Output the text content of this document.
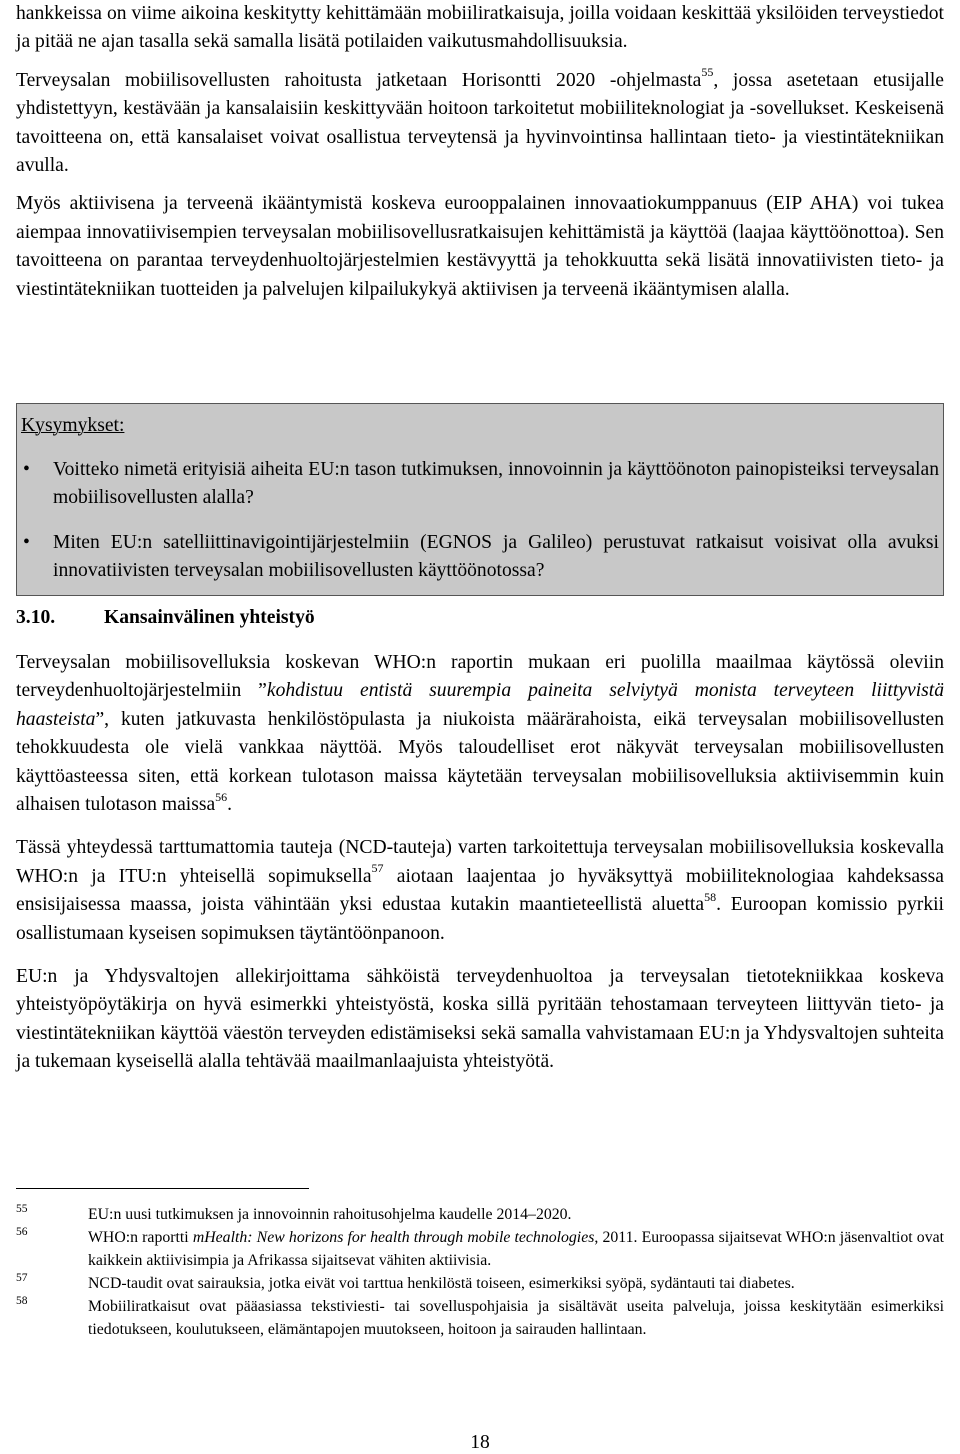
hankkeissa on viime aikoina keskitytty kehittämään mobiiliratkaisuja, joilla voidaan keskittää yksilöiden terveystiedot ja pitää ne ajan tasalla sekä samalla lisätä potilaiden vaikutusmahdollisuuksia.

Terveysalan mobiilisovellusten rahoitusta jatketaan Horisontti 2020 -ohjelmasta$^{55}$, jossa asetetaan etusijalle yhdistettyyn, kestävään ja kansalaisiin keskittyvään hoitoon tarkoitetut mobiiliteknologiat ja -sovellukset. Keskeisenä tavoitteena on, että kansalaiset voivat osallistua terveytensä ja hyvinvointinsa hallintaan tieto- ja viestintätekniikan avulla.

Myös aktiivisena ja terveenä ikääntymistä koskeva eurooppalainen innovaatiokumppanuus (EIP AHA) voi tukea aiempaa innovatiivisempien terveysalan mobiilisovellusratkaisujen kehittämistä ja käyttöä (laajaa käyttöönottoa). Sen tavoitteena on parantaa terveydenhuoltojärjestelmien kestävyyttä ja tehokkuutta sekä lisätä innovatiivisten tieto- ja viestintätekniikan tuotteiden ja palvelujen kilpailukykyä aktiivisen ja terveenä ikääntymisen alalla.

Kysymykset:
• Voitteko nimetä erityisiä aiheita EU:n tason tutkimuksen, innovoinnin ja käyttöönoton painopisteiksi terveysalan mobiilisovellusten alalla?
• Miten EU:n satelliittinavigointijärjestelmiin (EGNOS ja Galileo) perustuvat ratkaisut voisivat olla avuksi innovatiivisten terveysalan mobiilisovellusten käyttöönotossa?
3.10. Kansainvälinen yhteistyö

Terveysalan mobiilisovelluksia koskevan WHO:n raportin mukaan eri puolilla maailmaa käytössä oleviin terveydenhuoltojärjestelmiin ”kohdistuu entistä suurempia paineita selviytyä monista terveyteen liittyvistä haasteista”, kuten jatkuvasta henkilöstöpulasta ja niukoista määrärahoista, eikä terveysalan mobiilisovellusten tehokkuudesta ole vielä vankkaa näyttöä. Myös taloudelliset erot näkyvät terveysalan mobiilisovellusten käyttöasteessa siten, että korkean tulotason maissa käytetään terveysalan mobiilisovelluksia aktiivisemmin kuin alhaisen tulotason maissa$^{56}$.

Tässä yhteydessä tarttumattomia tauteja (NCD-tauteja) varten tarkoitettuja terveysalan mobiilisovelluksia koskevalla WHO:n ja ITU:n yhteisellä sopimuksella$^{57}$ aiotaan laajentaa jo hyväksyttyä mobiiliteknologiaa kahdeksassa ensisijaisessa maassa, joista vähintään yksi edustaa kutakin maantieteellistä aluetta$^{58}$. Euroopan komissio pyrkii osallistumaan kyseisen sopimuksen täytäntöönpanoon.

EU:n ja Yhdysvaltojen allekirjoittama sähköistä terveydenhuoltoa ja terveysalan tietotekniikkaa koskeva yhteistyöpöytäkirja on hyvä esimerkki yhteistyöstä, koska sillä pyritään tehostamaan terveyteen liittyvän tieto- ja viestintätekniikan käyttöä väestön terveyden edistämiseksi sekä samalla vahvistamaan EU:n ja Yhdysvaltojen suhteita ja tukemaan kyseisellä alalla tehtävää maailmanlaajuista yhteistyötä.

55	EU:n uusi tutkimuksen ja innovoinnin rahoitusohjelma kaudelle 2014–2020.
56	WHO:n raportti mHealth: New horizons for health through mobile technologies, 2011. Euroopassa sijaitsevat WHO:n jäsenvaltiot ovat kaikkein aktiivisimpia ja Afrikassa sijaitsevat vähiten aktiivisia.
57	NCD-taudit ovat sairauksia, jotka eivät voi tarttua henkilöstä toiseen, esimerkiksi syöpä, sydäntauti tai diabetes.
58	Mobiiliratkaisut ovat pääasiassa tekstiviesti- tai sovelluspohjaisia ja sisältävät useita palveluja, joissa keskitytään esimerkiksi tiedotukseen, koulutukseen, elämäntapojen muutokseen, hoitoon ja sairauden hallintaan.
18
